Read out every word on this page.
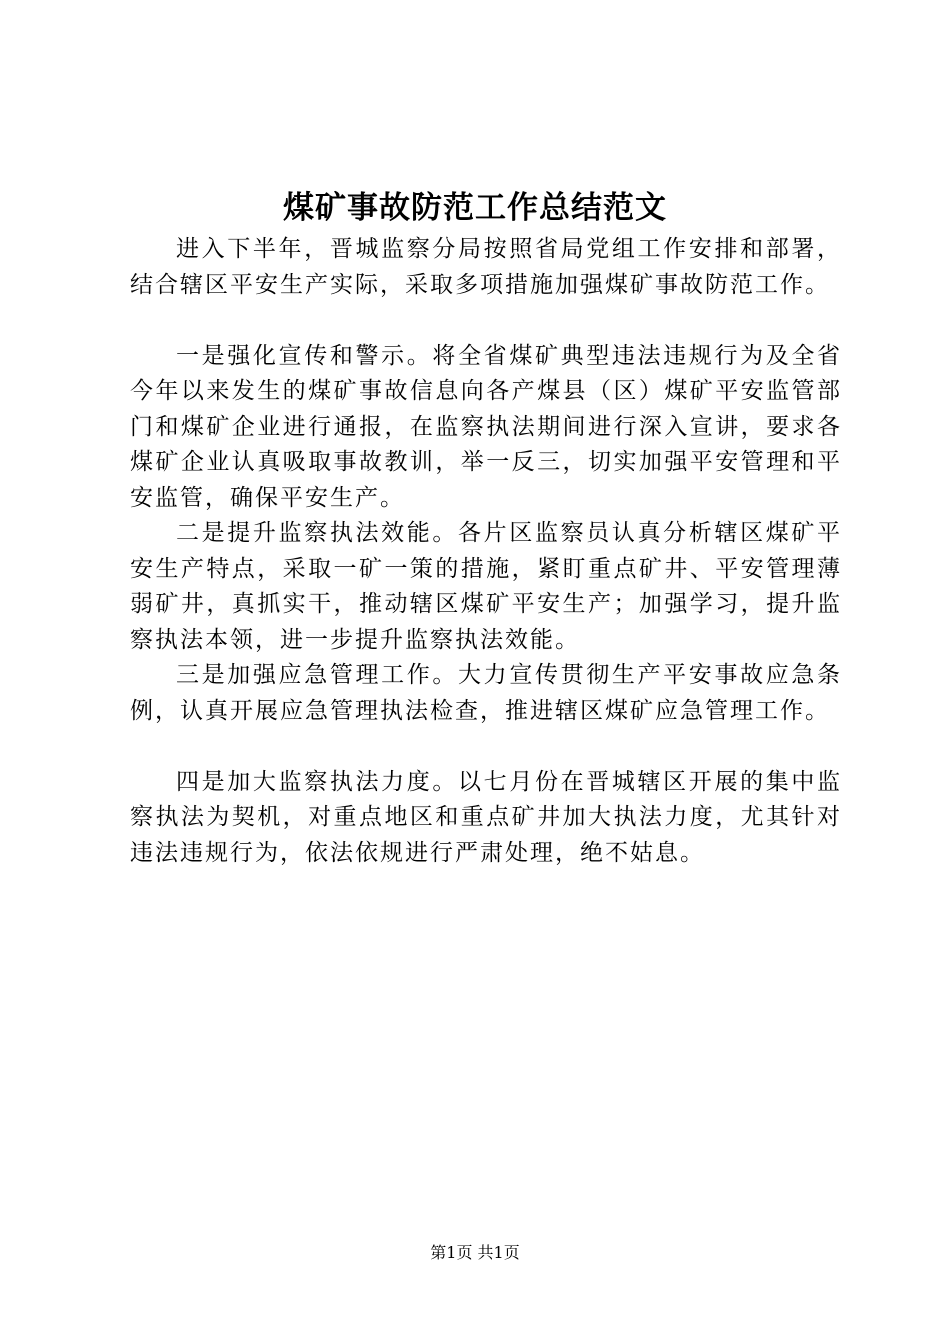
煤矿事故防范工作总结范文

进入下半年，晋城监察分局按照省局党组工作安排和部署，结合辖区平安生产实际，采取多项措施加强煤矿事故防范工作。

一是强化宣传和警示。将全省煤矿典型违法违规行为及全省今年以来发生的煤矿事故信息向各产煤县（区）煤矿平安监管部门和煤矿企业进行通报，在监察执法期间进行深入宣讲，要求各煤矿企业认真吸取事故教训，举一反三，切实加强平安管理和平安监管，确保平安生产。

二是提升监察执法效能。各片区监察员认真分析辖区煤矿平安生产特点，采取一矿一策的措施，紧盯重点矿井、平安管理薄弱矿井，真抓实干，推动辖区煤矿平安生产；加强学习，提升监察执法本领，进一步提升监察执法效能。

三是加强应急管理工作。大力宣传贯彻生产平安事故应急条例，认真开展应急管理执法检查，推进辖区煤矿应急管理工作。

四是加大监察执法力度。以七月份在晋城辖区开展的集中监察执法为契机，对重点地区和重点矿井加大执法力度，尤其针对违法违规行为，依法依规进行严肃处理，绝不姑息。

第1页 共1页
